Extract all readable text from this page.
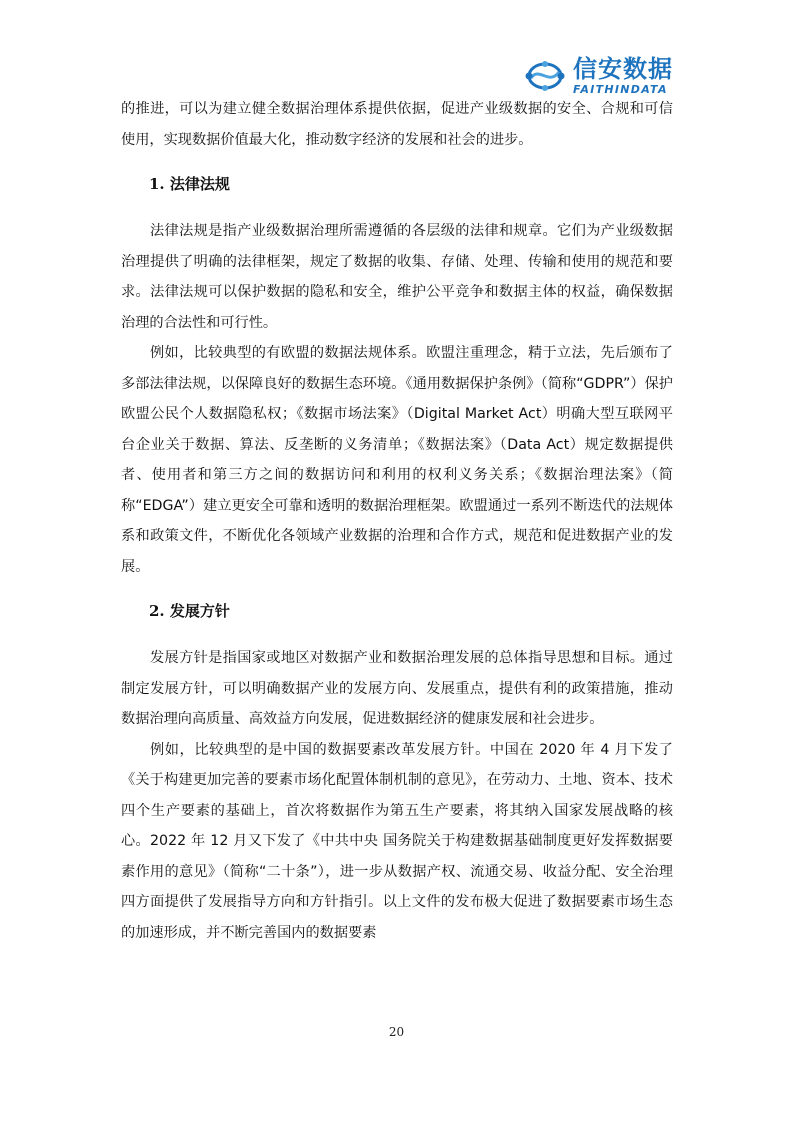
信安数据
FAITHINDATA

的推进，可以为建立健全数据治理体系提供依据，促进产业级数据的安全、合规和可信使用，实现数据价值最大化，推动数字经济的发展和社会的进步。

1. 法律法规

法律法规是指产业级数据治理所需遵循的各层级的法律和规章。它们为产业级数据治理提供了明确的法律框架，规定了数据的收集、存储、处理、传输和使用的规范和要求。法律法规可以保护数据的隐私和安全，维护公平竞争和数据主体的权益，确保数据治理的合法性和可行性。

例如，比较典型的有欧盟的数据法规体系。欧盟注重理念，精于立法，先后颁布了多部法律法规，以保障良好的数据生态环境。《通用数据保护条例》（简称“GDPR”）保护欧盟公民个人数据隐私权；《数据市场法案》（Digital Market Act）明确大型互联网平台企业关于数据、算法、反垄断的义务清单；《数据法案》（Data Act）规定数据提供者、使用者和第三方之间的数据访问和利用的权利义务关系；《数据治理法案》（简称“EDGA”）建立更安全可靠和透明的数据治理框架。欧盟通过一系列不断迭代的法规体系和政策文件，不断优化各领域产业数据的治理和合作方式，规范和促进数据产业的发展。

2. 发展方针

发展方针是指国家或地区对数据产业和数据治理发展的总体指导思想和目标。通过制定发展方针，可以明确数据产业的发展方向、发展重点，提供有利的政策措施，推动数据治理向高质量、高效益方向发展，促进数据经济的健康发展和社会进步。

例如，比较典型的是中国的数据要素改革发展方针。中国在 2020 年 4 月下发了《关于构建更加完善的要素市场化配置体制机制的意见》，在劳动力、土地、资本、技术四个生产要素的基础上，首次将数据作为第五生产要素，将其纳入国家发展战略的核心。2022 年 12 月又下发了《中共中央 国务院关于构建数据基础制度更好发挥数据要素作用的意见》（简称“二十条”），进一步从数据产权、流通交易、收益分配、安全治理四方面提供了发展指导方向和方针指引。以上文件的发布极大促进了数据要素市场生态的加速形成，并不断完善国内的数据要素

20
